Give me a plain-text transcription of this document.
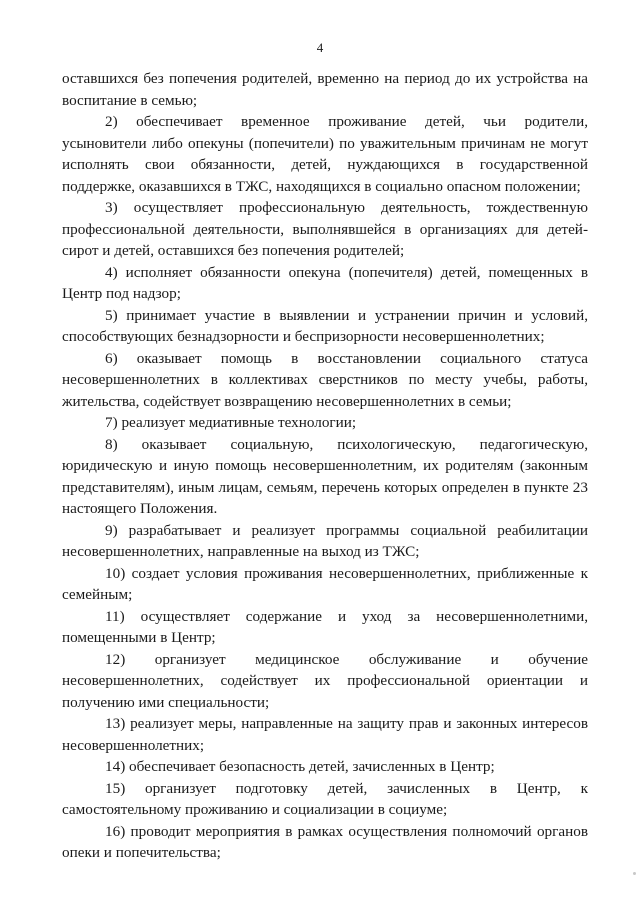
4

оставшихся без попечения родителей, временно на период до их устройства на воспитание в семью;

2) обеспечивает временное проживание детей, чьи родители, усыновители либо опекуны (попечители) по уважительным причинам не могут исполнять свои обязанности, детей, нуждающихся в государственной поддержке, оказавшихся в ТЖС, находящихся в социально опасном положении;

3) осуществляет профессиональную деятельность, тождественную профессиональной деятельности, выполнявшейся в организациях для детей-сирот и детей, оставшихся без попечения родителей;

4) исполняет обязанности опекуна (попечителя) детей, помещенных в Центр под надзор;

5) принимает участие в выявлении и устранении причин и условий, способствующих безнадзорности и беспризорности несовершеннолетних;

6) оказывает помощь в восстановлении социального статуса несовершеннолетних в коллективах сверстников по месту учебы, работы, жительства, содействует возвращению несовершеннолетних в семьи;

7) реализует медиативные технологии;

8) оказывает социальную, психологическую, педагогическую, юридическую и иную помощь несовершеннолетним, их родителям (законным представителям), иным лицам, семьям, перечень которых определен в пункте 23 настоящего Положения.

9) разрабатывает и реализует программы социальной реабилитации несовершеннолетних, направленные на выход из ТЖС;

10) создает условия проживания несовершеннолетних, приближенные к семейным;

11) осуществляет содержание и уход за несовершеннолетними, помещенными в Центр;

12) организует медицинское обслуживание и обучение несовершеннолетних, содействует их профессиональной ориентации и получению ими специальности;

13) реализует меры, направленные на защиту прав и законных интересов несовершеннолетних;

14) обеспечивает безопасность детей, зачисленных в Центр;

15) организует подготовку детей, зачисленных в Центр, к самостоятельному проживанию и социализации в социуме;

16) проводит мероприятия в рамках осуществления полномочий органов опеки и попечительства;
